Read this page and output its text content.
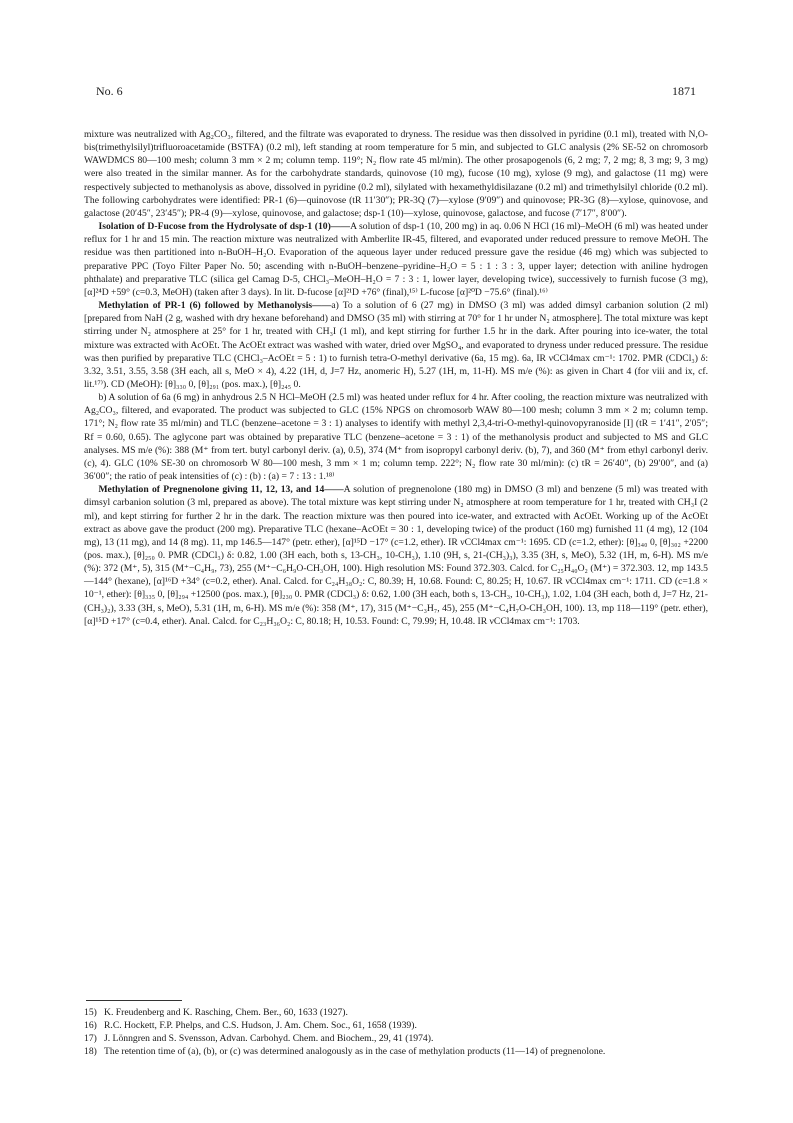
No. 6	1871

mixture was neutralized with Ag₂CO₃, filtered, and the filtrate was evaporated to dryness. The residue was then dissolved in pyridine (0.1 ml), treated with N,O-bis(trimethylsilyl)trifluoroacetamide (BSTFA) (0.2 ml), left standing at room temperature for 5 min, and subjected to GLC analysis (2% SE-52 on chromosorb WAWDMCS 80—100 mesh; column 3 mm × 2 m; column temp. 119°; N₂ flow rate 45 ml/min). The other prosapogenols (6, 2 mg; 7, 2 mg; 8, 3 mg; 9, 3 mg) were also treated in the similar manner. As for the carbohydrate standards, quinovose (10 mg), fucose (10 mg), xylose (9 mg), and galactose (11 mg) were respectively subjected to methanolysis as above, dissolved in pyridine (0.2 ml), silylated with hexamethyldisilazane (0.2 ml) and trimethylsilyl chloride (0.2 ml). The following carbohydrates were identified: PR-1 (6)—quinovose (tR 11′30″); PR-3Q (7)—xylose (9′09″) and quinovose; PR-3G (8)—xylose, quinovose, and galactose (20′45″, 23′45″); PR-4 (9)—xylose, quinovose, and galactose; dsp-1 (10)—xylose, quinovose, galactose, and fucose (7′17″, 8′00″).

Isolation of D-Fucose from the Hydrolysate of dsp-1 (10)——A solution of dsp-1 (10, 200 mg) in aq. 0.06 N HCl (16 ml)–MeOH (6 ml) was heated under reflux for 1 hr and 15 min. The reaction mixture was neutralized with Amberlite IR-45, filtered, and evaporated under reduced pressure to remove MeOH. The residue was then partitioned into n-BuOH–H₂O. Evaporation of the aqueous layer under reduced pressure gave the residue (46 mg) which was subjected to preparative PPC (Toyo Filter Paper No. 50; ascending with n-BuOH–benzene–pyridine–H₂O = 5 : 1 : 3 : 3, upper layer; detection with aniline hydrogen phthalate) and preparative TLC (silica gel Camag D-5, CHCl₃–MeOH–H₂O = 7 : 3 : 1, lower layer, developing twice), successively to furnish fucose (3 mg), [α]²⁴D +59° (c=0.3, MeOH) (taken after 3 days). In lit. D-fucose [α]²¹D +76° (final),¹⁵⁾ L-fucose [α]²⁰D −75.6° (final).¹⁶⁾

Methylation of PR-1 (6) followed by Methanolysis——a) To a solution of 6 (27 mg) in DMSO (3 ml) was added dimsyl carbanion solution (2 ml) [prepared from NaH (2 g, washed with dry hexane beforehand) and DMSO (35 ml) with stirring at 70° for 1 hr under N₂ atmosphere]. The total mixture was kept stirring under N₂ atmosphere at 25° for 1 hr, treated with CH₃I (1 ml), and kept stirring for further 1.5 hr in the dark. After pouring into ice-water, the total mixture was extracted with AcOEt. The AcOEt extract was washed with water, dried over MgSO₄, and evaporated to dryness under reduced pressure. The residue was then purified by preparative TLC (CHCl₃–AcOEt = 5 : 1) to furnish tetra-O-methyl derivative (6a, 15 mg). 6a, IR νCCl4max cm⁻¹: 1702. PMR (CDCl₃) δ: 3.32, 3.51, 3.55, 3.58 (3H each, all s, MeO × 4), 4.22 (1H, d, J=7 Hz, anomeric H), 5.27 (1H, m, 11-H). MS m/e (%): as given in Chart 4 (for viii and ix, cf. lit.¹⁷⁾). CD (MeOH): [θ]₃₃₀ 0, [θ]₂₉₁ (pos. max.), [θ]₂₄₅ 0.

b) A solution of 6a (6 mg) in anhydrous 2.5 N HCl–MeOH (2.5 ml) was heated under reflux for 4 hr. After cooling, the reaction mixture was neutralized with Ag₂CO₃, filtered, and evaporated. The product was subjected to GLC (15% NPGS on chromosorb WAW 80—100 mesh; column 3 mm × 2 m; column temp. 171°; N₂ flow rate 35 ml/min) and TLC (benzene–acetone = 3 : 1) analyses to identify with methyl 2,3,4-tri-O-methyl-quinovopyranoside [I] (tR = 1′41″, 2′05″; Rf = 0.60, 0.65). The aglycone part was obtained by preparative TLC (benzene–acetone = 3 : 1) of the methanolysis product and subjected to MS and GLC analyses. MS m/e (%): 388 (M⁺ from tert. butyl carbonyl deriv. (a), 0.5), 374 (M⁺ from isopropyl carbonyl deriv. (b), 7), and 360 (M⁺ from ethyl carbonyl deriv. (c), 4). GLC (10% SE-30 on chromosorb W 80—100 mesh, 3 mm × 1 m; column temp. 222°; N₂ flow rate 30 ml/min): (c) tR = 26′40″, (b) 29′00″, and (a) 36′00″; the ratio of peak intensities of (c) : (b) : (a) = 7 : 13 : 1.¹⁸⁾

Methylation of Pregnenolone giving 11, 12, 13, and 14——A solution of pregnenolone (180 mg) in DMSO (3 ml) and benzene (5 ml) was treated with dimsyl carbanion solution (3 ml, prepared as above). The total mixture was kept stirring under N₂ atmosphere at room temperature for 1 hr, treated with CH₃I (2 ml), and kept stirring for further 2 hr in the dark. The reaction mixture was then poured into ice-water, and extracted with AcOEt. Working up of the AcOEt extract as above gave the product (200 mg). Preparative TLC (hexane–AcOEt = 30 : 1, developing twice) of the product (160 mg) furnished 11 (4 mg), 12 (104 mg), 13 (11 mg), and 14 (8 mg). 11, mp 146.5—147° (petr. ether), [α]¹⁵D −17° (c=1.2, ether). IR νCCl4max cm⁻¹: 1695. CD (c=1.2, ether): [θ]₃₄₀ 0, [θ]₃₀₂ +2200 (pos. max.), [θ]₂₅₀ 0. PMR (CDCl₃) δ: 0.82, 1.00 (3H each, both s, 13-CH₃, 10-CH₃), 1.10 (9H, s, 21-(CH₃)₃), 3.35 (3H, s, MeO), 5.32 (1H, m, 6-H). MS m/e (%): 372 (M⁺, 5), 315 (M⁺−C₄H₉, 73), 255 (M⁺−C₆H₉O-CH₃OH, 100). High resolution MS: Found 372.303. Calcd. for C₂₅H₄₀O₂ (M⁺) = 372.303. 12, mp 143.5—144° (hexane), [α]¹⁶D +34° (c=0.2, ether). Anal. Calcd. for C₂₄H₃₈O₂: C, 80.39; H, 10.68. Found: C, 80.25; H, 10.67. IR νCCl4max cm⁻¹: 1711. CD (c=1.8 × 10⁻¹, ether): [θ]₃₃₅ 0, [θ]₂₉₄ +12500 (pos. max.), [θ]₂₃₀ 0. PMR (CDCl₃) δ: 0.62, 1.00 (3H each, both s, 13-CH₃, 10-CH₃), 1.02, 1.04 (3H each, both d, J=7 Hz, 21-(CH₃)₂), 3.33 (3H, s, MeO), 5.31 (1H, m, 6-H). MS m/e (%): 358 (M⁺, 17), 315 (M⁺−C₃H₇, 45), 255 (M⁺−C₄H₇O-CH₃OH, 100). 13, mp 118—119° (petr. ether), [α]¹⁵D +17° (c=0.4, ether). Anal. Calcd. for C₂₃H₃₆O₂: C, 80.18; H, 10.53. Found: C, 79.99; H, 10.48. IR νCCl4max cm⁻¹: 1703.

15) K. Freudenberg and K. Rasching, Chem. Ber., 60, 1633 (1927).
16) R.C. Hockett, F.P. Phelps, and C.S. Hudson, J. Am. Chem. Soc., 61, 1658 (1939).
17) J. Lönngren and S. Svensson, Advan. Carbohyd. Chem. and Biochem., 29, 41 (1974).
18) The retention time of (a), (b), or (c) was determined analogously as in the case of methylation products (11—14) of pregnenolone.
